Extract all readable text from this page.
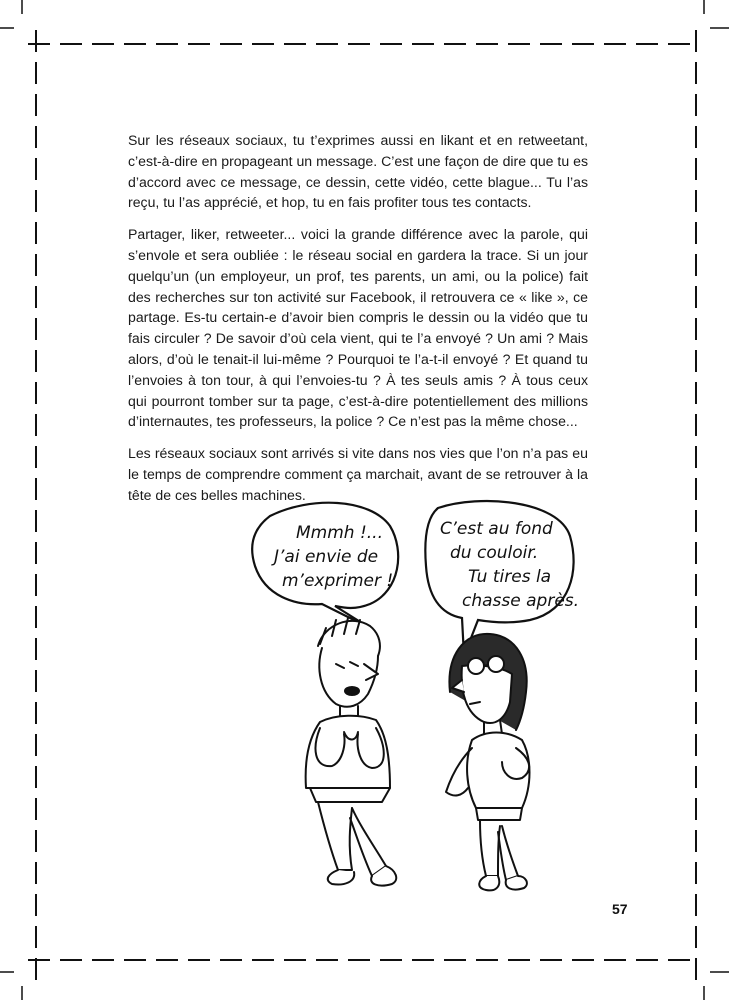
Sur les réseaux sociaux, tu t’exprimes aussi en likant et en retweetant, c’est-à-dire en propageant un message. C’est une façon de dire que tu es d’accord avec ce message, ce dessin, cette vidéo, cette blague... Tu l’as reçu, tu l’as apprécié, et hop, tu en fais profiter tous tes contacts.

Partager, liker, retweeter... voici la grande différence avec la parole, qui s’envole et sera oubliée : le réseau social en gardera la trace. Si un jour quelqu’un (un employeur, un prof, tes parents, un ami, ou la police) fait des recherches sur ton activité sur Facebook, il retrouvera ce « like », ce partage. Es-tu certain-e d’avoir bien compris le dessin ou la vidéo que tu fais circuler ? De savoir d’où cela vient, qui te l’a envoyé ? Un ami ? Mais alors, d’où le tenait-il lui-même ? Pourquoi te l’a-t-il envoyé ? Et quand tu l’envoies à ton tour, à qui l’envoies-tu ? À tes seuls amis ? À tous ceux qui pourront tomber sur ta page, c’est-à-dire potentiellement des millions d’internautes, tes professeurs, la police ? Ce n’est pas la même chose...

Les réseaux sociaux sont arrivés si vite dans nos vies que l’on n’a pas eu le temps de comprendre comment ça marchait, avant de se retrouver à la tête de ces belles machines.

Mmmh !...
J’ai envie de
m’exprimer !
C’est au fond
du couloir.
Tu tires la
chasse après.
57
